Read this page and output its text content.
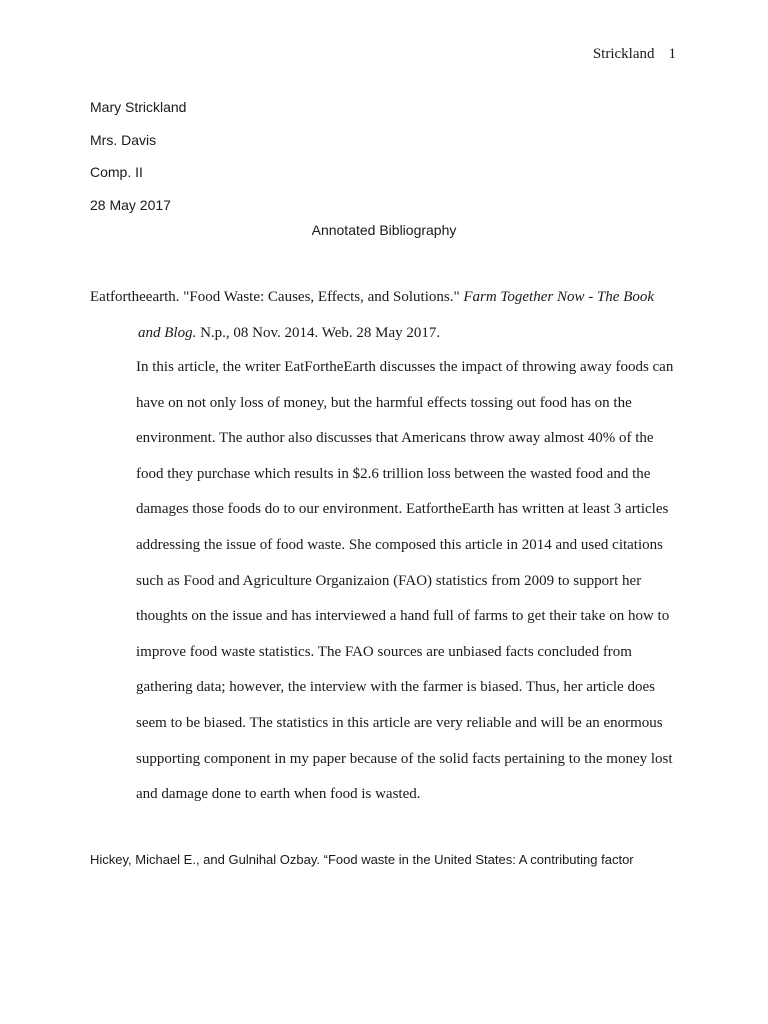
Strickland 1
Mary Strickland
Mrs. Davis
Comp. II
28 May 2017
Annotated Bibliography
Eatfortheearth. "Food Waste: Causes, Effects, and Solutions." Farm Together Now - The Book
and Blog. N.p., 08 Nov. 2014. Web. 28 May 2017.
In this article, the writer EatFortheEarth discusses the impact of throwing away foods can
have on not only loss of money, but the harmful effects tossing out food has on the
environment. The author also discusses that Americans throw away almost 40% of the
food they purchase which results in $2.6 trillion loss between the wasted food and the
damages those foods do to our environment. EatfortheEarth has written at least 3 articles
addressing the issue of food waste. She composed this article in 2014 and used citations
such as Food and Agriculture Organizaion (FAO) statistics from 2009 to support her
thoughts on the issue and has interviewed a hand full of farms to get their take on how to
improve food waste statistics. The FAO sources are unbiased facts concluded from
gathering data; however, the interview with the farmer is biased. Thus, her article does
seem to be biased. The statistics in this article are very reliable and will be an enormous
supporting component in my paper because of the solid facts pertaining to the money lost
and damage done to earth when food is wasted.
Hickey, Michael E., and Gulnihal Ozbay. “Food waste in the United States: A contributing factor
